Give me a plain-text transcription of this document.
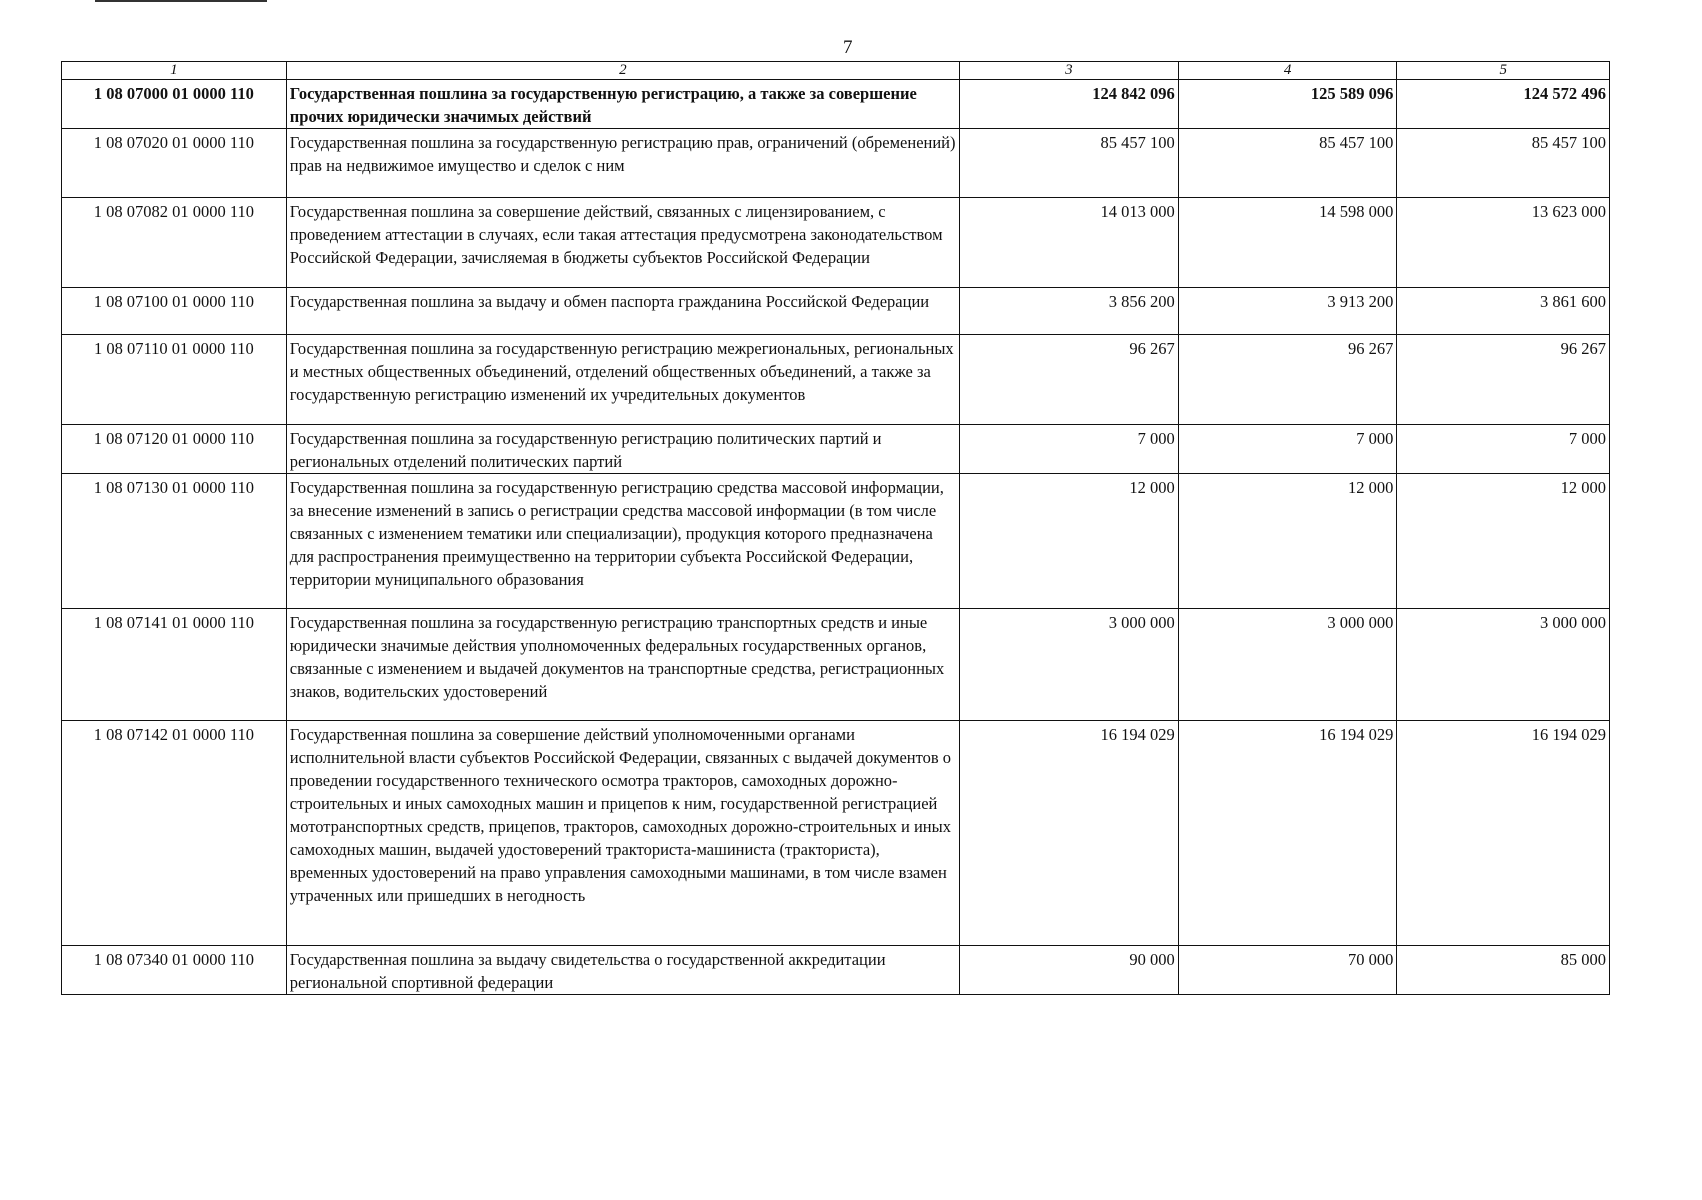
7
1	2	3	4	5
1 08 07000 01 0000 110	Государственная пошлина за государственную регистрацию, а также за совершение прочих юридически значимых действий	124 842 096	125 589 096	124 572 496
1 08 07020 01 0000 110	Государственная пошлина за государственную регистрацию прав, ограничений (обременений) прав на недвижимое имущество и сделок с ним	85 457 100	85 457 100	85 457 100
1 08 07082 01 0000 110	Государственная пошлина за совершение действий, связанных с лицензированием, с проведением аттестации в случаях, если такая аттестация предусмотрена законодательством Российской Федерации, зачисляемая в бюджеты субъектов Российской Федерации	14 013 000	14 598 000	13 623 000
1 08 07100 01 0000 110	Государственная пошлина за выдачу и обмен паспорта гражданина Российской Федерации	3 856 200	3 913 200	3 861 600
1 08 07110 01 0000 110	Государственная пошлина за государственную регистрацию межрегиональных, региональных и местных общественных объединений, отделений общественных объединений, а также за государственную регистрацию изменений их учредительных документов	96 267	96 267	96 267
1 08 07120 01 0000 110	Государственная пошлина за государственную регистрацию политических партий и региональных отделений политических партий	7 000	7 000	7 000
1 08 07130 01 0000 110	Государственная пошлина за государственную регистрацию средства массовой информации, за внесение изменений в запись о регистрации средства массовой информации (в том числе связанных с изменением тематики или специализации), продукция которого предназначена для распространения преимущественно на территории субъекта Российской Федерации, территории муниципального образования	12 000	12 000	12 000
1 08 07141 01 0000 110	Государственная пошлина за государственную регистрацию транспортных средств и иные юридически значимые действия уполномоченных федеральных государственных органов, связанные с изменением и выдачей документов на транспортные средства, регистрационных знаков, водительских удостоверений	3 000 000	3 000 000	3 000 000
1 08 07142 01 0000 110	Государственная пошлина за совершение действий уполномоченными органами исполнительной власти субъектов Российской Федерации, связанных с выдачей документов о проведении государственного технического осмотра тракторов, самоходных дорожно-строительных и иных самоходных машин и прицепов к ним, государственной регистрацией мототранспортных средств, прицепов, тракторов, самоходных дорожно-строительных и иных самоходных машин, выдачей удостоверений тракториста-машиниста (тракториста), временных удостоверений на право управления самоходными машинами, в том числе взамен утраченных или пришедших в негодность	16 194 029	16 194 029	16 194 029
1 08 07340 01 0000 110	Государственная пошлина за выдачу свидетельства о государственной аккредитации региональной спортивной федерации	90 000	70 000	85 000
